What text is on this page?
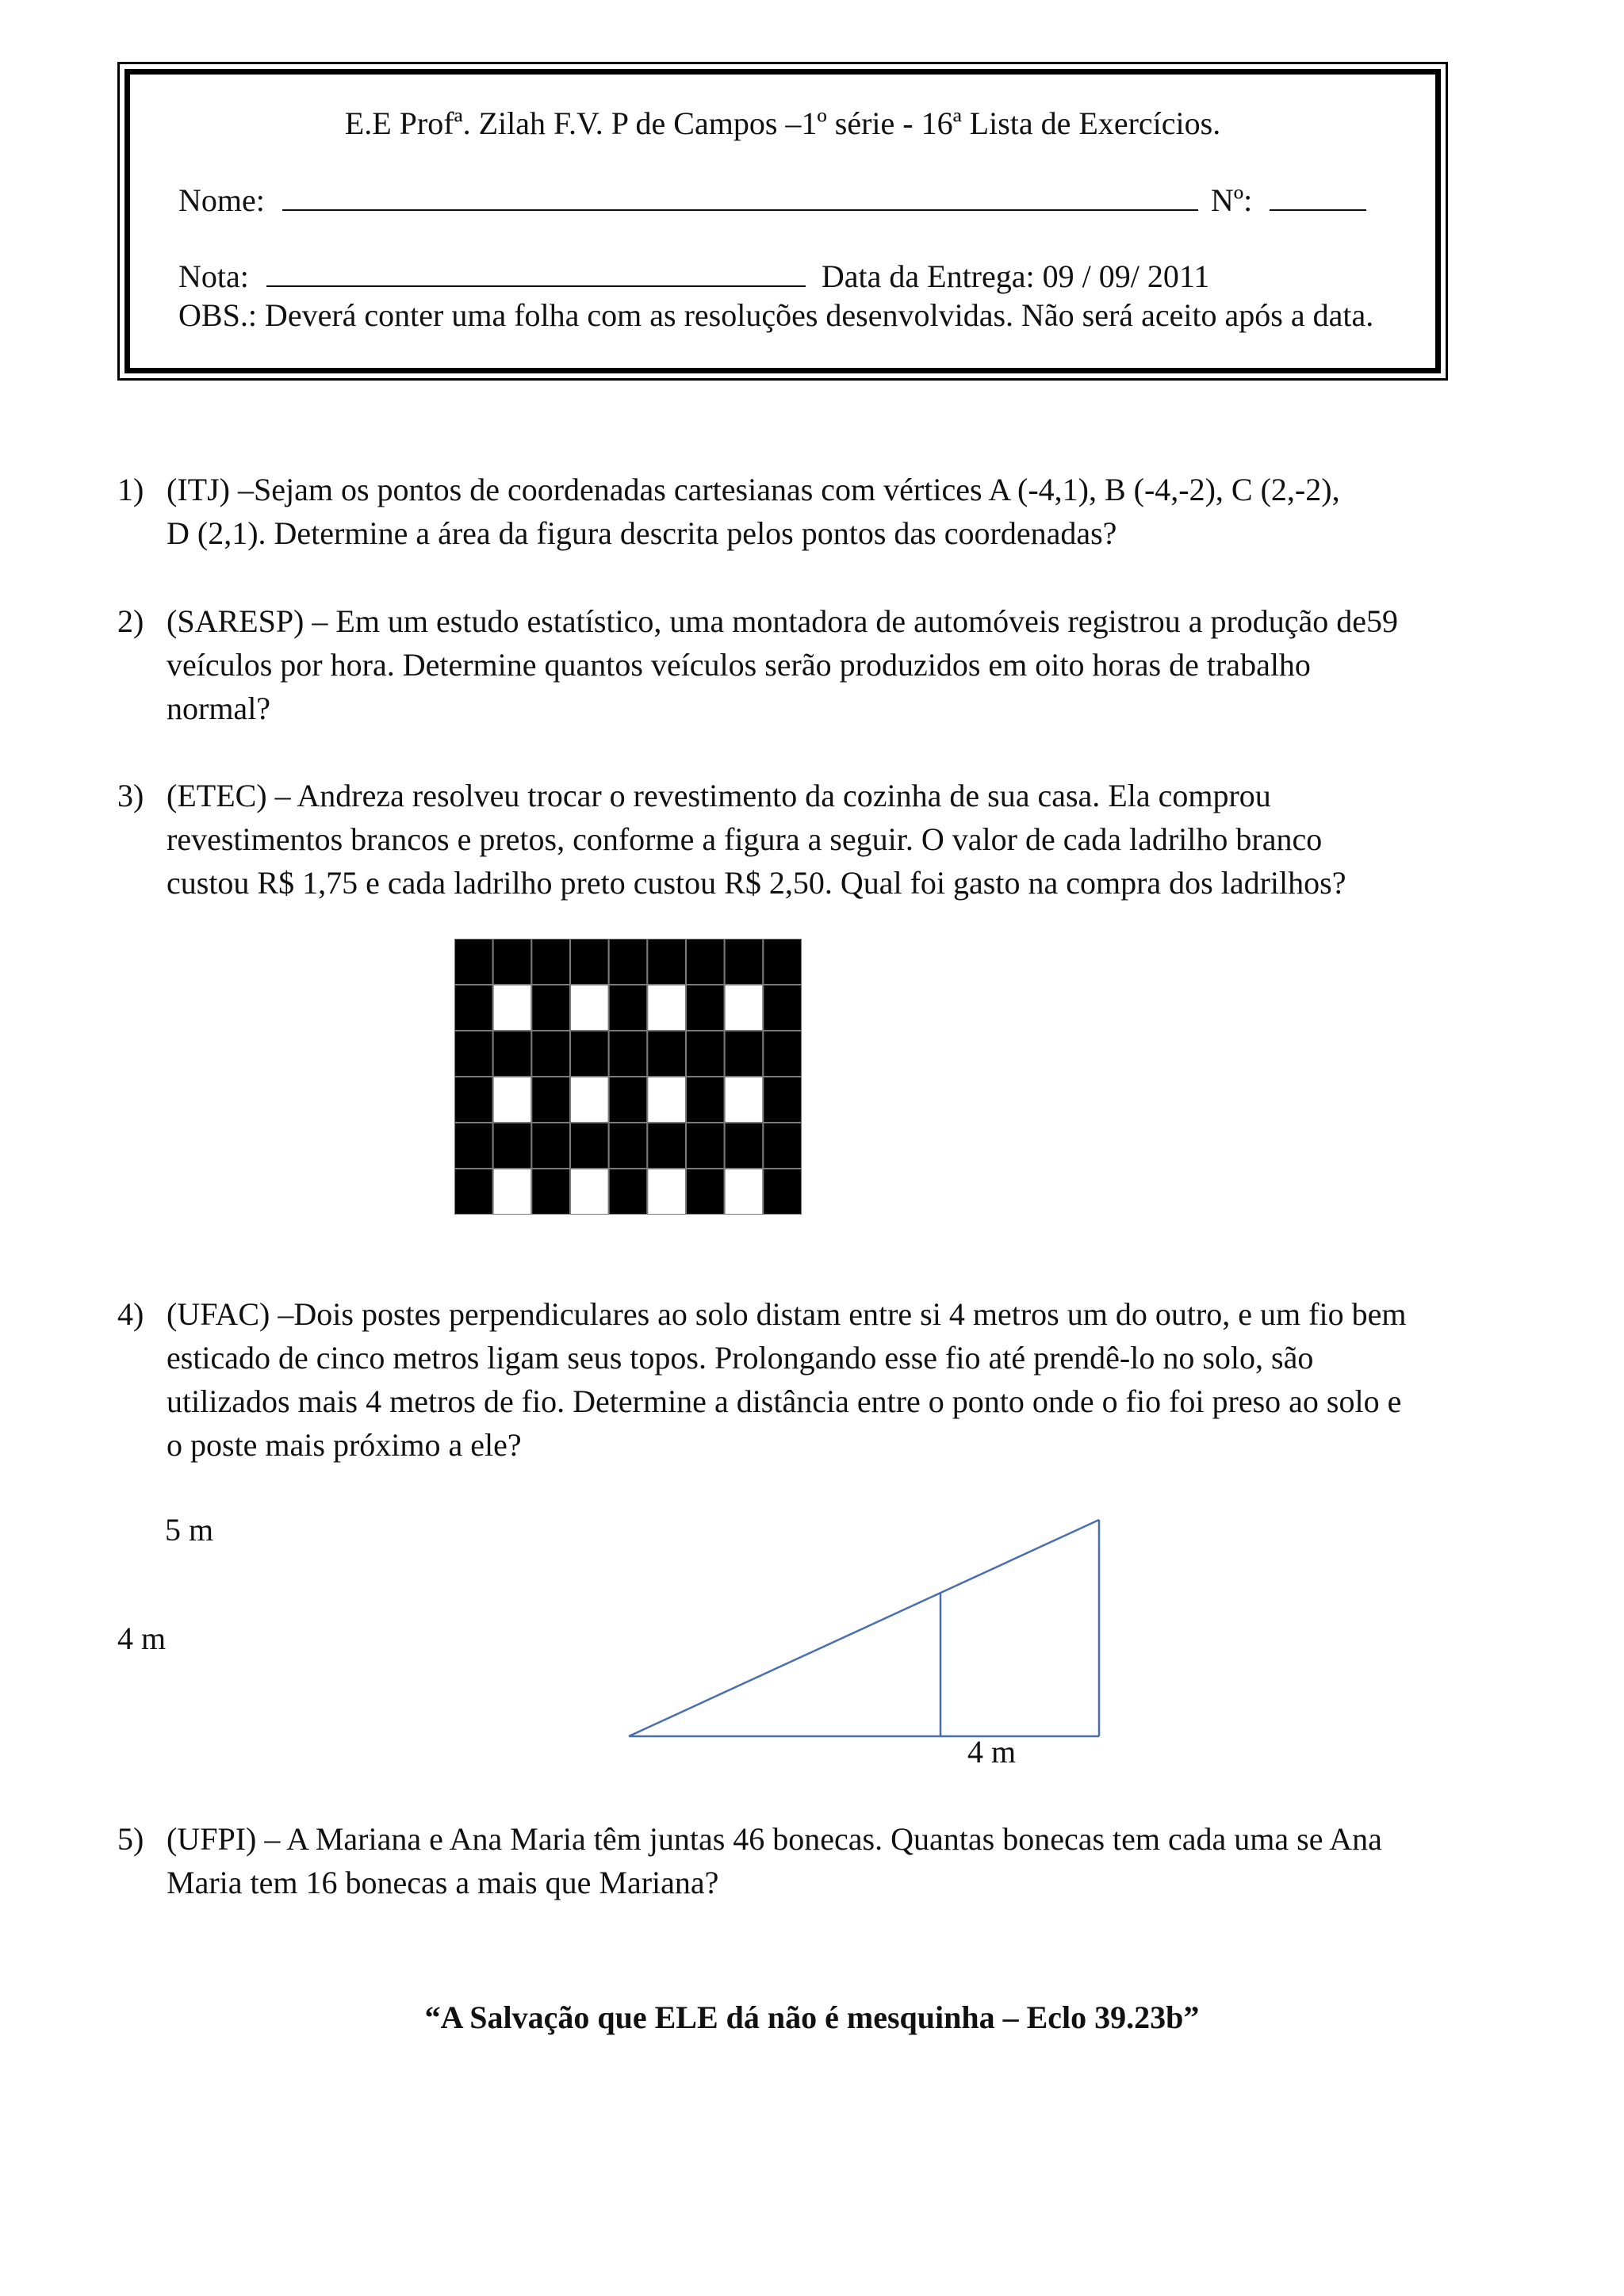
E.E Profª. Zilah F.V. P de Campos –1º série - 16ª Lista de Exercícios.
Nome:	Nº:
Nota:	Data da Entrega: 09 / 09/ 2011
OBS.: Deverá conter uma folha com as resoluções desenvolvidas. Não será aceito após a data.
1) (ITJ) –Sejam os pontos de coordenadas cartesianas com vértices A (-4,1), B (-4,-2), C (2,-2),
D (2,1). Determine a área da figura descrita pelos pontos das coordenadas?
2) (SARESP) – Em um estudo estatístico, uma montadora de automóveis registrou a produção de59
veículos por hora. Determine quantos veículos serão produzidos em oito horas de trabalho
normal?
3) (ETEC) – Andreza resolveu trocar o revestimento da cozinha de sua casa. Ela comprou
revestimentos brancos e pretos, conforme a figura a seguir. O valor de cada ladrilho branco
custou R$ 1,75 e cada ladrilho preto custou R$ 2,50. Qual foi gasto na compra dos ladrilhos?
4) (UFAC) –Dois postes perpendiculares ao solo distam entre si 4 metros um do outro, e um fio bem
esticado de cinco metros ligam seus topos. Prolongando esse fio até prendê-lo no solo, são
utilizados mais 4 metros de fio. Determine a distância entre o ponto onde o fio foi preso ao solo e
o poste mais próximo a ele?
5 m
4 m
4 m
5) (UFPI) – A Mariana e Ana Maria têm juntas 46 bonecas. Quantas bonecas tem cada uma se Ana
Maria tem 16 bonecas a mais que Mariana?
“A Salvação que ELE dá não é mesquinha – Eclo 39.23b”
